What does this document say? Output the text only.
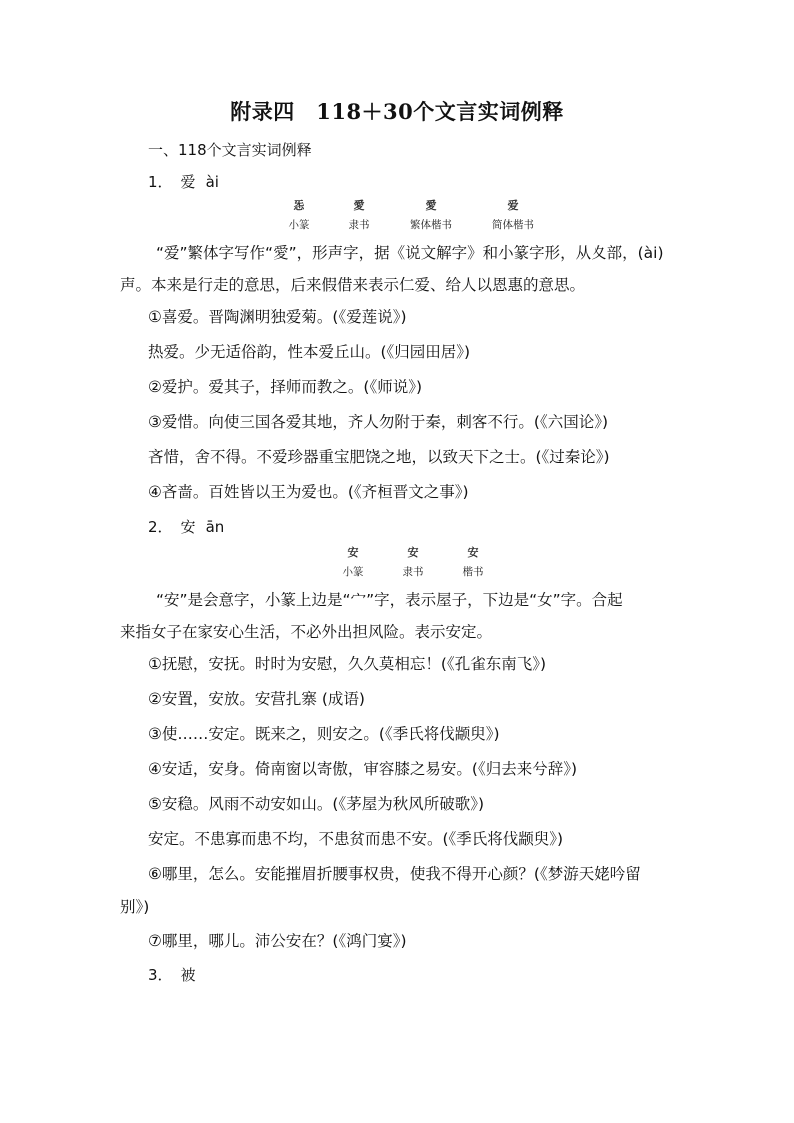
附录四　118＋30个文言实词例释
一、118个文言实词例释
1． 爱 ài
㤅
小篆
愛
隶书
愛
繁体楷书
爱
简体楷书
“爱”繁体字写作“愛”，形声字，据《说文解字》和小篆字形，从夊部，(ài)
声。本来是行走的意思，后来假借来表示仁爱、给人以恩惠的意思。
①喜爱。晋陶渊明独爱菊。(《爱莲说》)
热爱。少无适俗韵，性本爱丘山。(《归园田居》)
②爱护。爱其子，择师而教之。(《师说》)
③爱惜。向使三国各爱其地，齐人勿附于秦，刺客不行。(《六国论》)
吝惜，舍不得。不爱珍器重宝肥饶之地，以致天下之士。(《过秦论》)
④吝啬。百姓皆以王为爱也。(《齐桓晋文之事》)
2． 安 ān
安
小篆
安
隶书
安
楷书
“安”是会意字，小篆上边是“宀”字，表示屋子，下边是“女”字。合起
来指女子在家安心生活，不必外出担风险。表示安定。
①抚慰，安抚。时时为安慰，久久莫相忘！(《孔雀东南飞》)
②安置，安放。安营扎寨 (成语)
③使……安定。既来之，则安之。(《季氏将伐颛臾》)
④安适，安身。倚南窗以寄傲，审容膝之易安。(《归去来兮辞》)
⑤安稳。风雨不动安如山。(《茅屋为秋风所破歌》)
安定。不患寡而患不均，不患贫而患不安。(《季氏将伐颛臾》)
⑥哪里，怎么。安能摧眉折腰事权贵，使我不得开心颜？(《梦游天姥吟留
别》)
⑦哪里，哪儿。沛公安在？(《鸿门宴》)
3． 被
